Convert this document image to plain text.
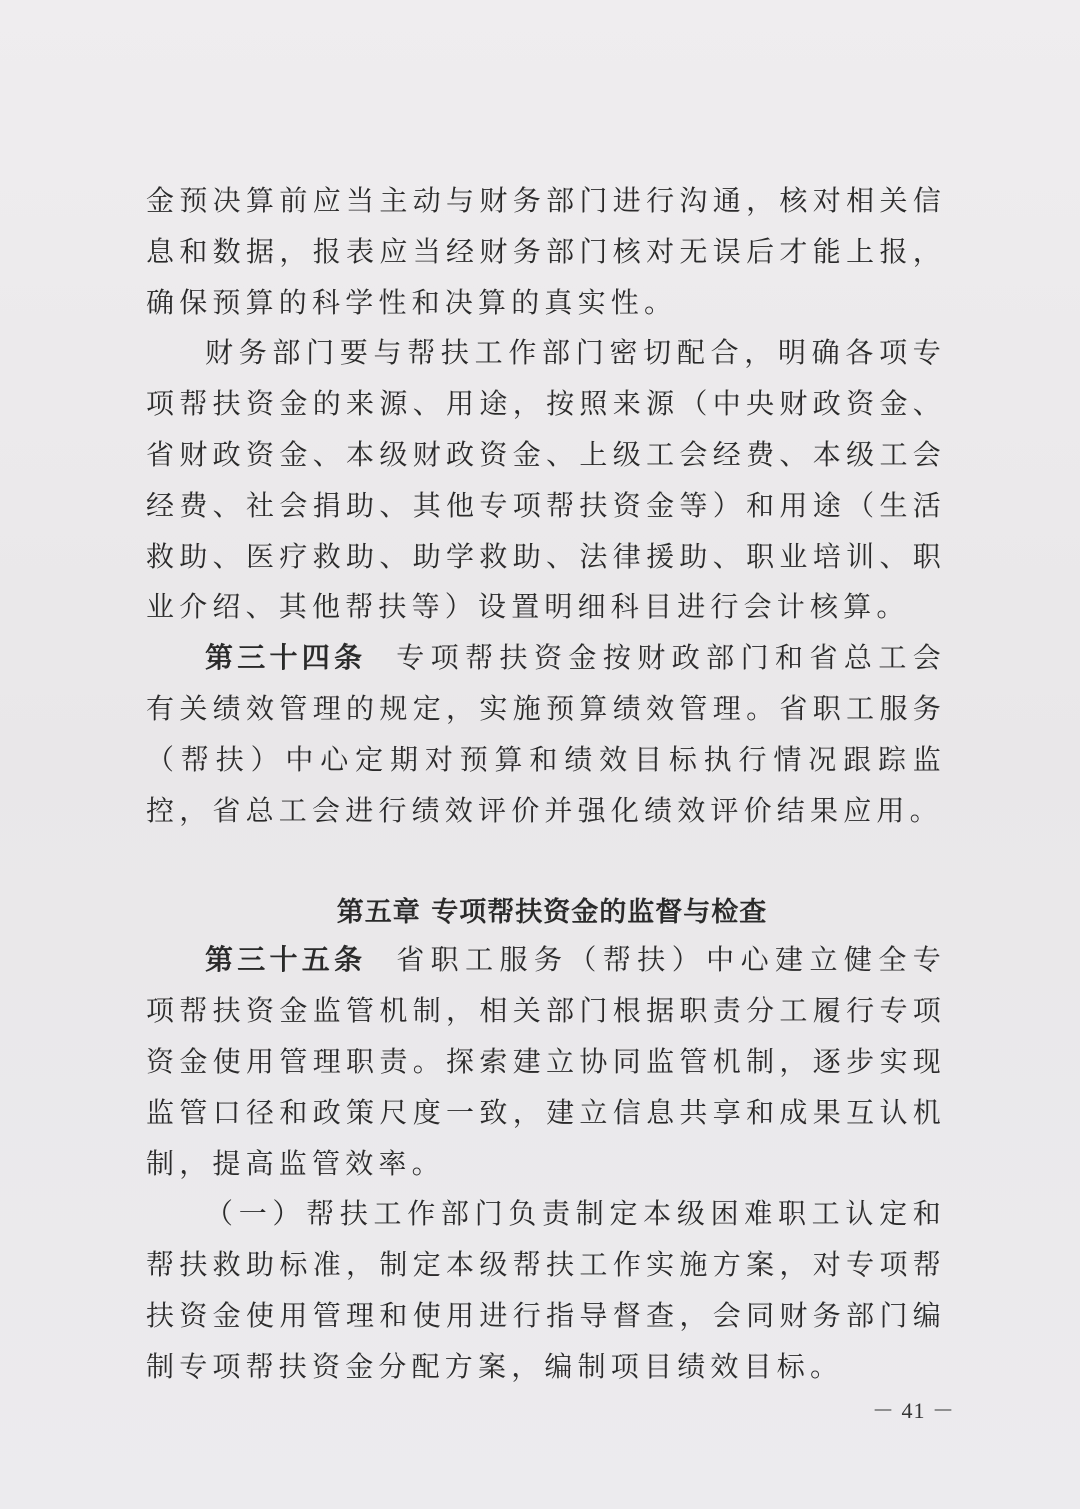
金预决算前应当主动与财务部门进行沟通，核对相关信息和数据，报表应当经财务部门核对无误后才能上报，确保预算的科学性和决算的真实性。

财务部门要与帮扶工作部门密切配合，明确各项专项帮扶资金的来源、用途，按照来源（中央财政资金、省财政资金、本级财政资金、上级工会经费、本级工会经费、社会捐助、其他专项帮扶资金等）和用途（生活救助、医疗救助、助学救助、法律援助、职业培训、职业介绍、其他帮扶等）设置明细科目进行会计核算。

第三十四条 专项帮扶资金按财政部门和省总工会有关绩效管理的规定，实施预算绩效管理。省职工服务（帮扶）中心定期对预算和绩效目标执行情况跟踪监控，省总工会进行绩效评价并强化绩效评价结果应用。

第五章 专项帮扶资金的监督与检查

第三十五条 省职工服务（帮扶）中心建立健全专项帮扶资金监管机制，相关部门根据职责分工履行专项资金使用管理职责。探索建立协同监管机制，逐步实现监管口径和政策尺度一致，建立信息共享和成果互认机制，提高监管效率。

（一）帮扶工作部门负责制定本级困难职工认定和帮扶救助标准，制定本级帮扶工作实施方案，对专项帮扶资金使用管理和使用进行指导督查，会同财务部门编制专项帮扶资金分配方案，编制项目绩效目标。

－ 41 －
